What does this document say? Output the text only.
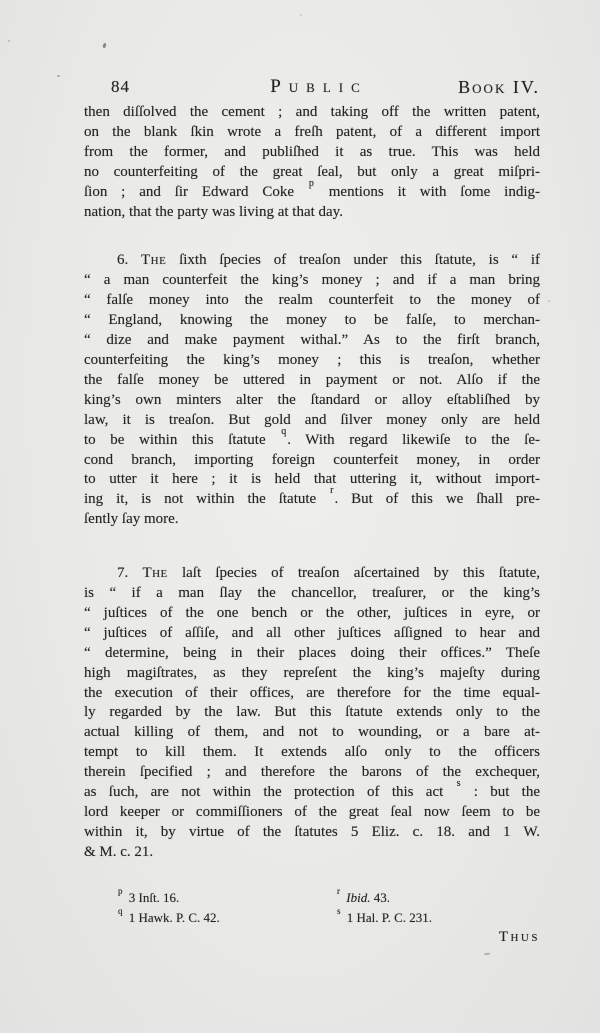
84	Public	Book IV.
then diſſolved the cement ; and taking off the written patent,
on the blank ſkin wrote a freſh patent, of a different import
from the former, and publiſhed it as true. This was held
no counterfeiting of the great ſeal, but only a great miſpri-
ſion ; and ſir Edward Coke $^p$ mentions it with ſome indig-
nation, that the party was living at that day.
6. The ſixth ſpecies of treaſon under this ſtatute, is “ if
“ a man counterfeit the king’s money ; and if a man bring
“ falſe money into the realm counterfeit to the money of
“ England, knowing the money to be falſe, to merchan-
“ dize and make payment withal.” As to the firſt branch,
counterfeiting the king’s money ; this is treaſon, whether
the falſe money be uttered in payment or not. Alſo if the
king’s own minters alter the ſtandard or alloy eſtabliſhed by
law, it is treaſon. But gold and ſilver money only are held
to be within this ſtatute $^q$. With regard likewiſe to the ſe-
cond branch, importing foreign counterfeit money, in order
to utter it here ; it is held that uttering it, without import-
ing it, is not within the ſtatute $^r$. But of this we ſhall pre-
ſently ſay more.
7. The laſt ſpecies of treaſon aſcertained by this ſtatute,
is “ if a man ſlay the chancellor, treaſurer, or the king’s
“ juſtices of the one bench or the other, juſtices in eyre, or
“ juſtices of aſſiſe, and all other juſtices aſſigned to hear and
“ determine, being in their places doing their offices.” Theſe
high magiſtrates, as they repreſent the king’s majeſty during
the execution of their offices, are therefore for the time equal-
ly regarded by the law. But this ſtatute extends only to the
actual killing of them, and not to wounding, or a bare at-
tempt to kill them. It extends alſo only to the officers
therein ſpecified ; and therefore the barons of the exchequer,
as ſuch, are not within the protection of this act $^s$ : but the
lord keeper or commiſſioners of the great ſeal now ſeem to be
within it, by virtue of the ſtatutes 5 Eliz. c. 18. and 1 W.
& M. c. 21.
$^p$ 3 Inſt. 16.
$^q$ 1 Hawk. P. C. 42.
$^r$ Ibid. 43.
$^s$ 1 Hal. P. C. 231.
Thus
